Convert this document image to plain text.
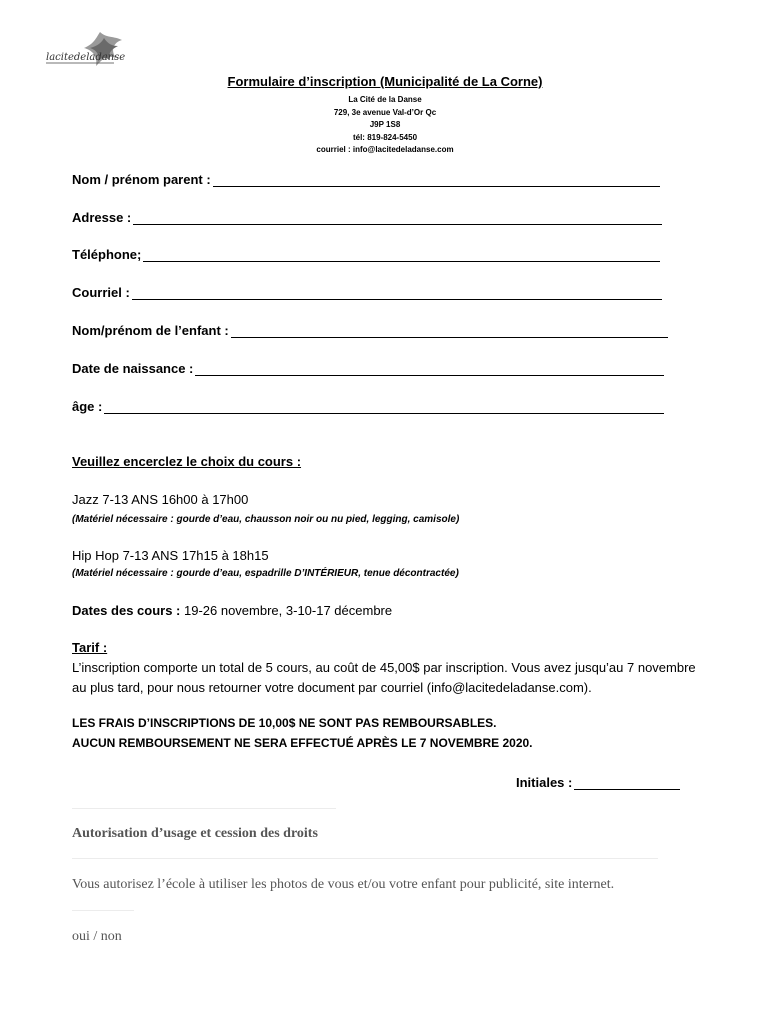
lacitedeladanse
Formulaire d’inscription (Municipalité de La Corne)
La Cité de la Danse
729, 3e avenue Val-d’Or Qc
J9P 1S8
tél: 819-824-5450
courriel : info@lacitedeladanse.com
Nom / prénom parent :
Adresse :
Téléphone;
Courriel :
Nom/prénom de l’enfant :
Date de naissance :
âge :
Veuillez encerclez le choix du cours :
Jazz 7-13 ANS 16h00 à 17h00
(Matériel nécessaire : gourde d’eau, chausson noir ou nu pied, legging, camisole)
Hip Hop 7-13 ANS 17h15 à 18h15
(Matériel nécessaire : gourde d’eau, espadrille D’INTÉRIEUR, tenue décontractée)
Dates des cours : 19-26 novembre, 3-10-17 décembre
Tarif :
L’inscription comporte un total de 5 cours, au coût de 45,00$ par inscription. Vous avez jusqu’au 7 novembre au plus tard, pour nous retourner votre document par courriel (info@lacitedeladanse.com).
LES FRAIS D’INSCRIPTIONS DE 10,00$ NE SONT PAS REMBOURSABLES.
AUCUN REMBOURSEMENT NE SERA EFFECTUÉ APRÈS LE 7 NOVEMBRE 2020.
Initiales :
Autorisation d’usage et cession des droits
Vous autorisez l’école à utiliser les photos de vous et/ou votre enfant pour publicité, site internet.
oui / non
